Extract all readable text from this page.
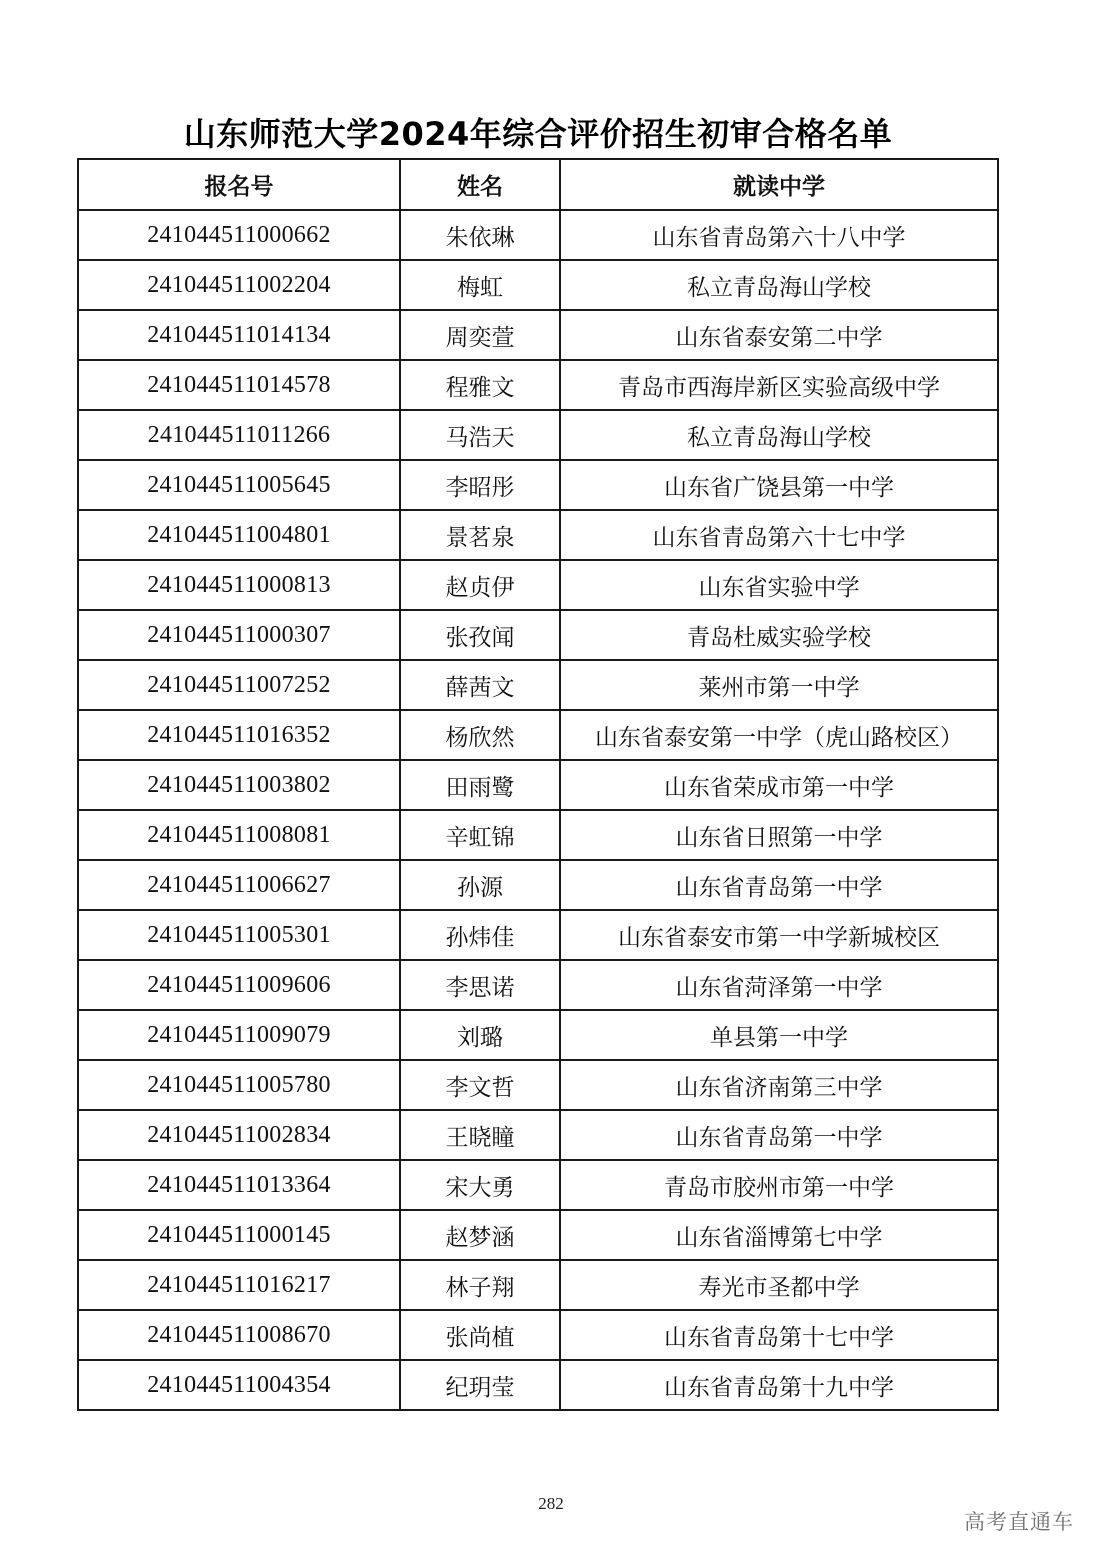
山东师范大学2024年综合评价招生初审合格名单
报名号	姓名	就读中学
241044511000662	朱依琳	山东省青岛第六十八中学
241044511002204	梅虹	私立青岛海山学校
241044511014134	周奕萱	山东省泰安第二中学
241044511014578	程雅文	青岛市西海岸新区实验高级中学
241044511011266	马浩天	私立青岛海山学校
241044511005645	李昭彤	山东省广饶县第一中学
241044511004801	景茗泉	山东省青岛第六十七中学
241044511000813	赵贞伊	山东省实验中学
241044511000307	张孜闻	青岛杜威实验学校
241044511007252	薛茜文	莱州市第一中学
241044511016352	杨欣然	山东省泰安第一中学（虎山路校区）
241044511003802	田雨鹭	山东省荣成市第一中学
241044511008081	辛虹锦	山东省日照第一中学
241044511006627	孙源	山东省青岛第一中学
241044511005301	孙炜佳	山东省泰安市第一中学新城校区
241044511009606	李思诺	山东省菏泽第一中学
241044511009079	刘璐	单县第一中学
241044511005780	李文哲	山东省济南第三中学
241044511002834	王晓瞳	山东省青岛第一中学
241044511013364	宋大勇	青岛市胶州市第一中学
241044511000145	赵梦涵	山东省淄博第七中学
241044511016217	林子翔	寿光市圣都中学
241044511008670	张尚植	山东省青岛第十七中学
241044511004354	纪玥莹	山东省青岛第十九中学
282
高考直通车
